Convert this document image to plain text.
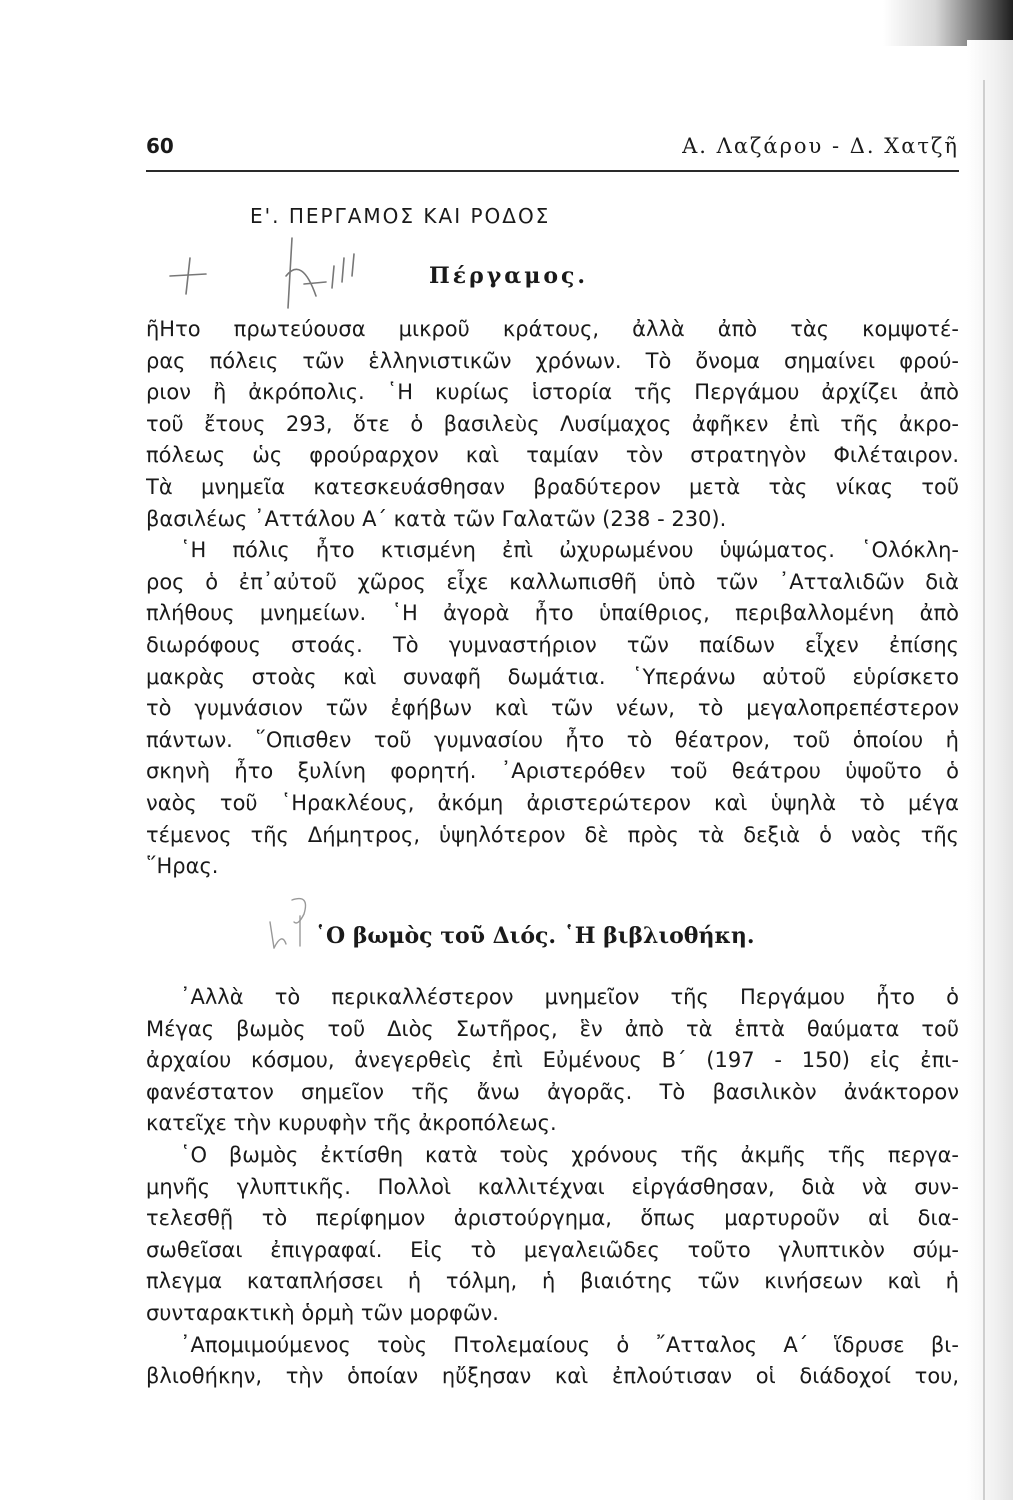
60	Α. Λαζάρου - Δ. Χατζῆ
Ε'. ΠΕΡΓΑΜΟΣ ΚΑΙ ΡΟΔΟΣ
Πέργαμος.
ῆΗτο πρωτεύουσα μικροῦ κράτους, ἀλλὰ ἀπὸ τὰς κομψοτέ-
ρας πόλεις τῶν ἑλληνιστικῶν χρόνων. Τὸ ὄνομα σημαίνει φρού-
ριον ἢ ἀκρόπολις. ῾Η κυρίως ἱστορία τῆς Περγάμου ἀρχίζει ἀπὸ
τοῦ ἔτους 293, ὅτε ὁ βασιλεὺς Λυσίμαχος ἀφῆκεν ἐπὶ τῆς ἀκρο-
πόλεως ὡς φρούραρχον καὶ ταμίαν τὸν στρατηγὸν Φιλέταιρον.
Τὰ μνημεῖα κατεσκευάσθησαν βραδύτερον μετὰ τὰς νίκας τοῦ
βασιλέως ᾿Αττάλου Α΄ κατὰ τῶν Γαλατῶν (238 - 230).
῾Η πόλις ἦτο κτισμένη ἐπὶ ὠχυρωμένου ὑψώματος. ῾Ολόκλη-
ρος ὁ ἐπ᾿αὐτοῦ χῶρος εἶχε καλλωπισθῆ ὑπὸ τῶν ᾿Ατταλιδῶν διὰ
πλήθους μνημείων. ῾Η ἀγορὰ ἦτο ὑπαίθριος, περιβαλλομένη ἀπὸ
διωρόφους στοάς. Τὸ γυμναστήριον τῶν παίδων εἶχεν ἐπίσης
μακρὰς στοὰς καὶ συναφῆ δωμάτια. ῾Υπεράνω αὐτοῦ εὑρίσκετο
τὸ γυμνάσιον τῶν ἐφήβων καὶ τῶν νέων, τὸ μεγαλοπρεπέστερον
πάντων. ῞Οπισθεν τοῦ γυμνασίου ἦτο τὸ θέατρον, τοῦ ὁποίου ἡ
σκηνὴ ἦτο ξυλίνη φορητή. ᾿Αριστερόθεν τοῦ θεάτρου ὑψοῦτο ὁ
ναὸς τοῦ ῾Ηρακλέους, ἀκόμη ἀριστερώτερον καὶ ὑψηλὰ τὸ μέγα
τέμενος τῆς Δήμητρος, ὑψηλότερον δὲ πρὸς τὰ δεξιὰ ὁ ναὸς τῆς
῞Ηρας.
῾Ο βωμὸς τοῦ Διός. ῾Η βιβλιοθήκη.
᾿Αλλὰ τὸ περικαλλέστερον μνημεῖον τῆς Περγάμου ἦτο ὁ
Μέγας βωμὸς τοῦ Διὸς Σωτῆρος, ἓν ἀπὸ τὰ ἑπτὰ θαύματα τοῦ
ἀρχαίου κόσμου, ἀνεγερθεὶς ἐπὶ Εὐμένους Β΄ (197 - 150) εἰς ἐπι-
φανέστατον σημεῖον τῆς ἄνω ἀγορᾶς. Τὸ βασιλικὸν ἀνάκτορον
κατεῖχε τὴν κυρυφὴν τῆς ἀκροπόλεως.
῾Ο βωμὸς ἐκτίσθη κατὰ τοὺς χρόνους τῆς ἀκμῆς τῆς περγα-
μηνῆς γλυπτικῆς. Πολλοὶ καλλιτέχναι εἰργάσθησαν, διὰ νὰ συν-
τελεσθῇ τὸ περίφημον ἀριστούργημα, ὅπως μαρτυροῦν αἱ δια-
σωθεῖσαι ἐπιγραφαί. Εἰς τὸ μεγαλειῶδες τοῦτο γλυπτικὸν σύμ-
πλεγμα καταπλήσσει ἡ τόλμη, ἡ βιαιότης τῶν κινήσεων καὶ ἡ
συνταρακτικὴ ὁρμὴ τῶν μορφῶν.
᾿Απομιμούμενος τοὺς Πτολεμαίους ὁ ῎Ατταλος Α΄ ἵδρυσε βι-
βλιοθήκην, τὴν ὁποίαν ηὔξησαν καὶ ἐπλούτισαν οἱ διάδοχοί του,
